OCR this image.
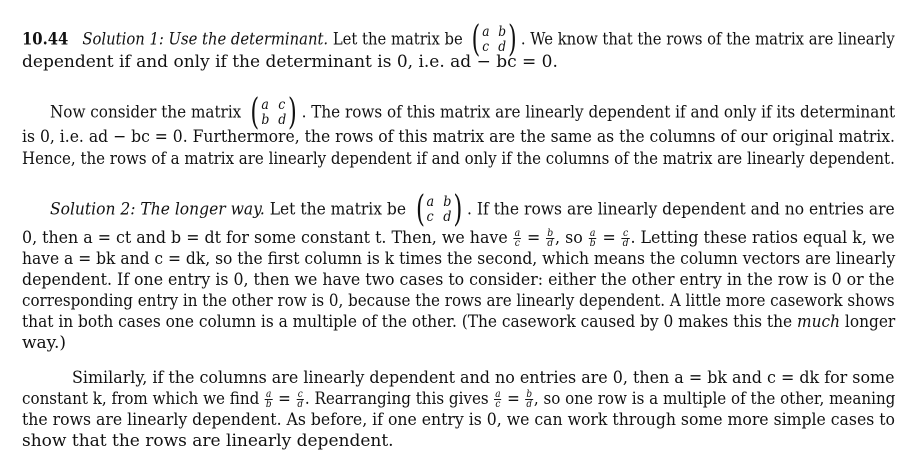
10.44 Solution 1: Use the determinant. Let the matrix be ( a b
c d ) . We know that the rows of the matrix are linearly
dependent if and only if the determinant is 0, i.e. ad − bc = 0.
Now consider the matrix ( a c
b d ) . The rows of this matrix are linearly dependent if and only if its determinant
is 0, i.e. ad − bc = 0. Furthermore, the rows of this matrix are the same as the columns of our original matrix.
Hence, the rows of a matrix are linearly dependent if and only if the columns of the matrix are linearly dependent.
Solution 2: The longer way. Let the matrix be ( a b
c d ) . If the rows are linearly dependent and no entries are
0, then a = ct and b = dt for some constant t. Then, we have $\frac{a}{c} = \frac{b}{d}$ , so $\frac{a}{b} = \frac{c}{d}$ . Letting these ratios equal k, we
have a = bk and c = dk, so the first column is k times the second, which means the column vectors are linearly
dependent. If one entry is 0, then we have two cases to consider: either the other entry in the row is 0 or the
corresponding entry in the other row is 0, because the rows are linearly dependent. A little more casework shows
that in both cases one column is a multiple of the other. (The casework caused by 0 makes this the much longer
way.)
Similarly, if the columns are linearly dependent and no entries are 0, then a = bk and c = dk for some
constant k, from which we find $\frac{a}{b} = \frac{c}{d}$ . Rearranging this gives $\frac{a}{c} = \frac{b}{d}$ , so one row is a multiple of the other, meaning
the rows are linearly dependent. As before, if one entry is 0, we can work through some more simple cases to
show that the rows are linearly dependent.
